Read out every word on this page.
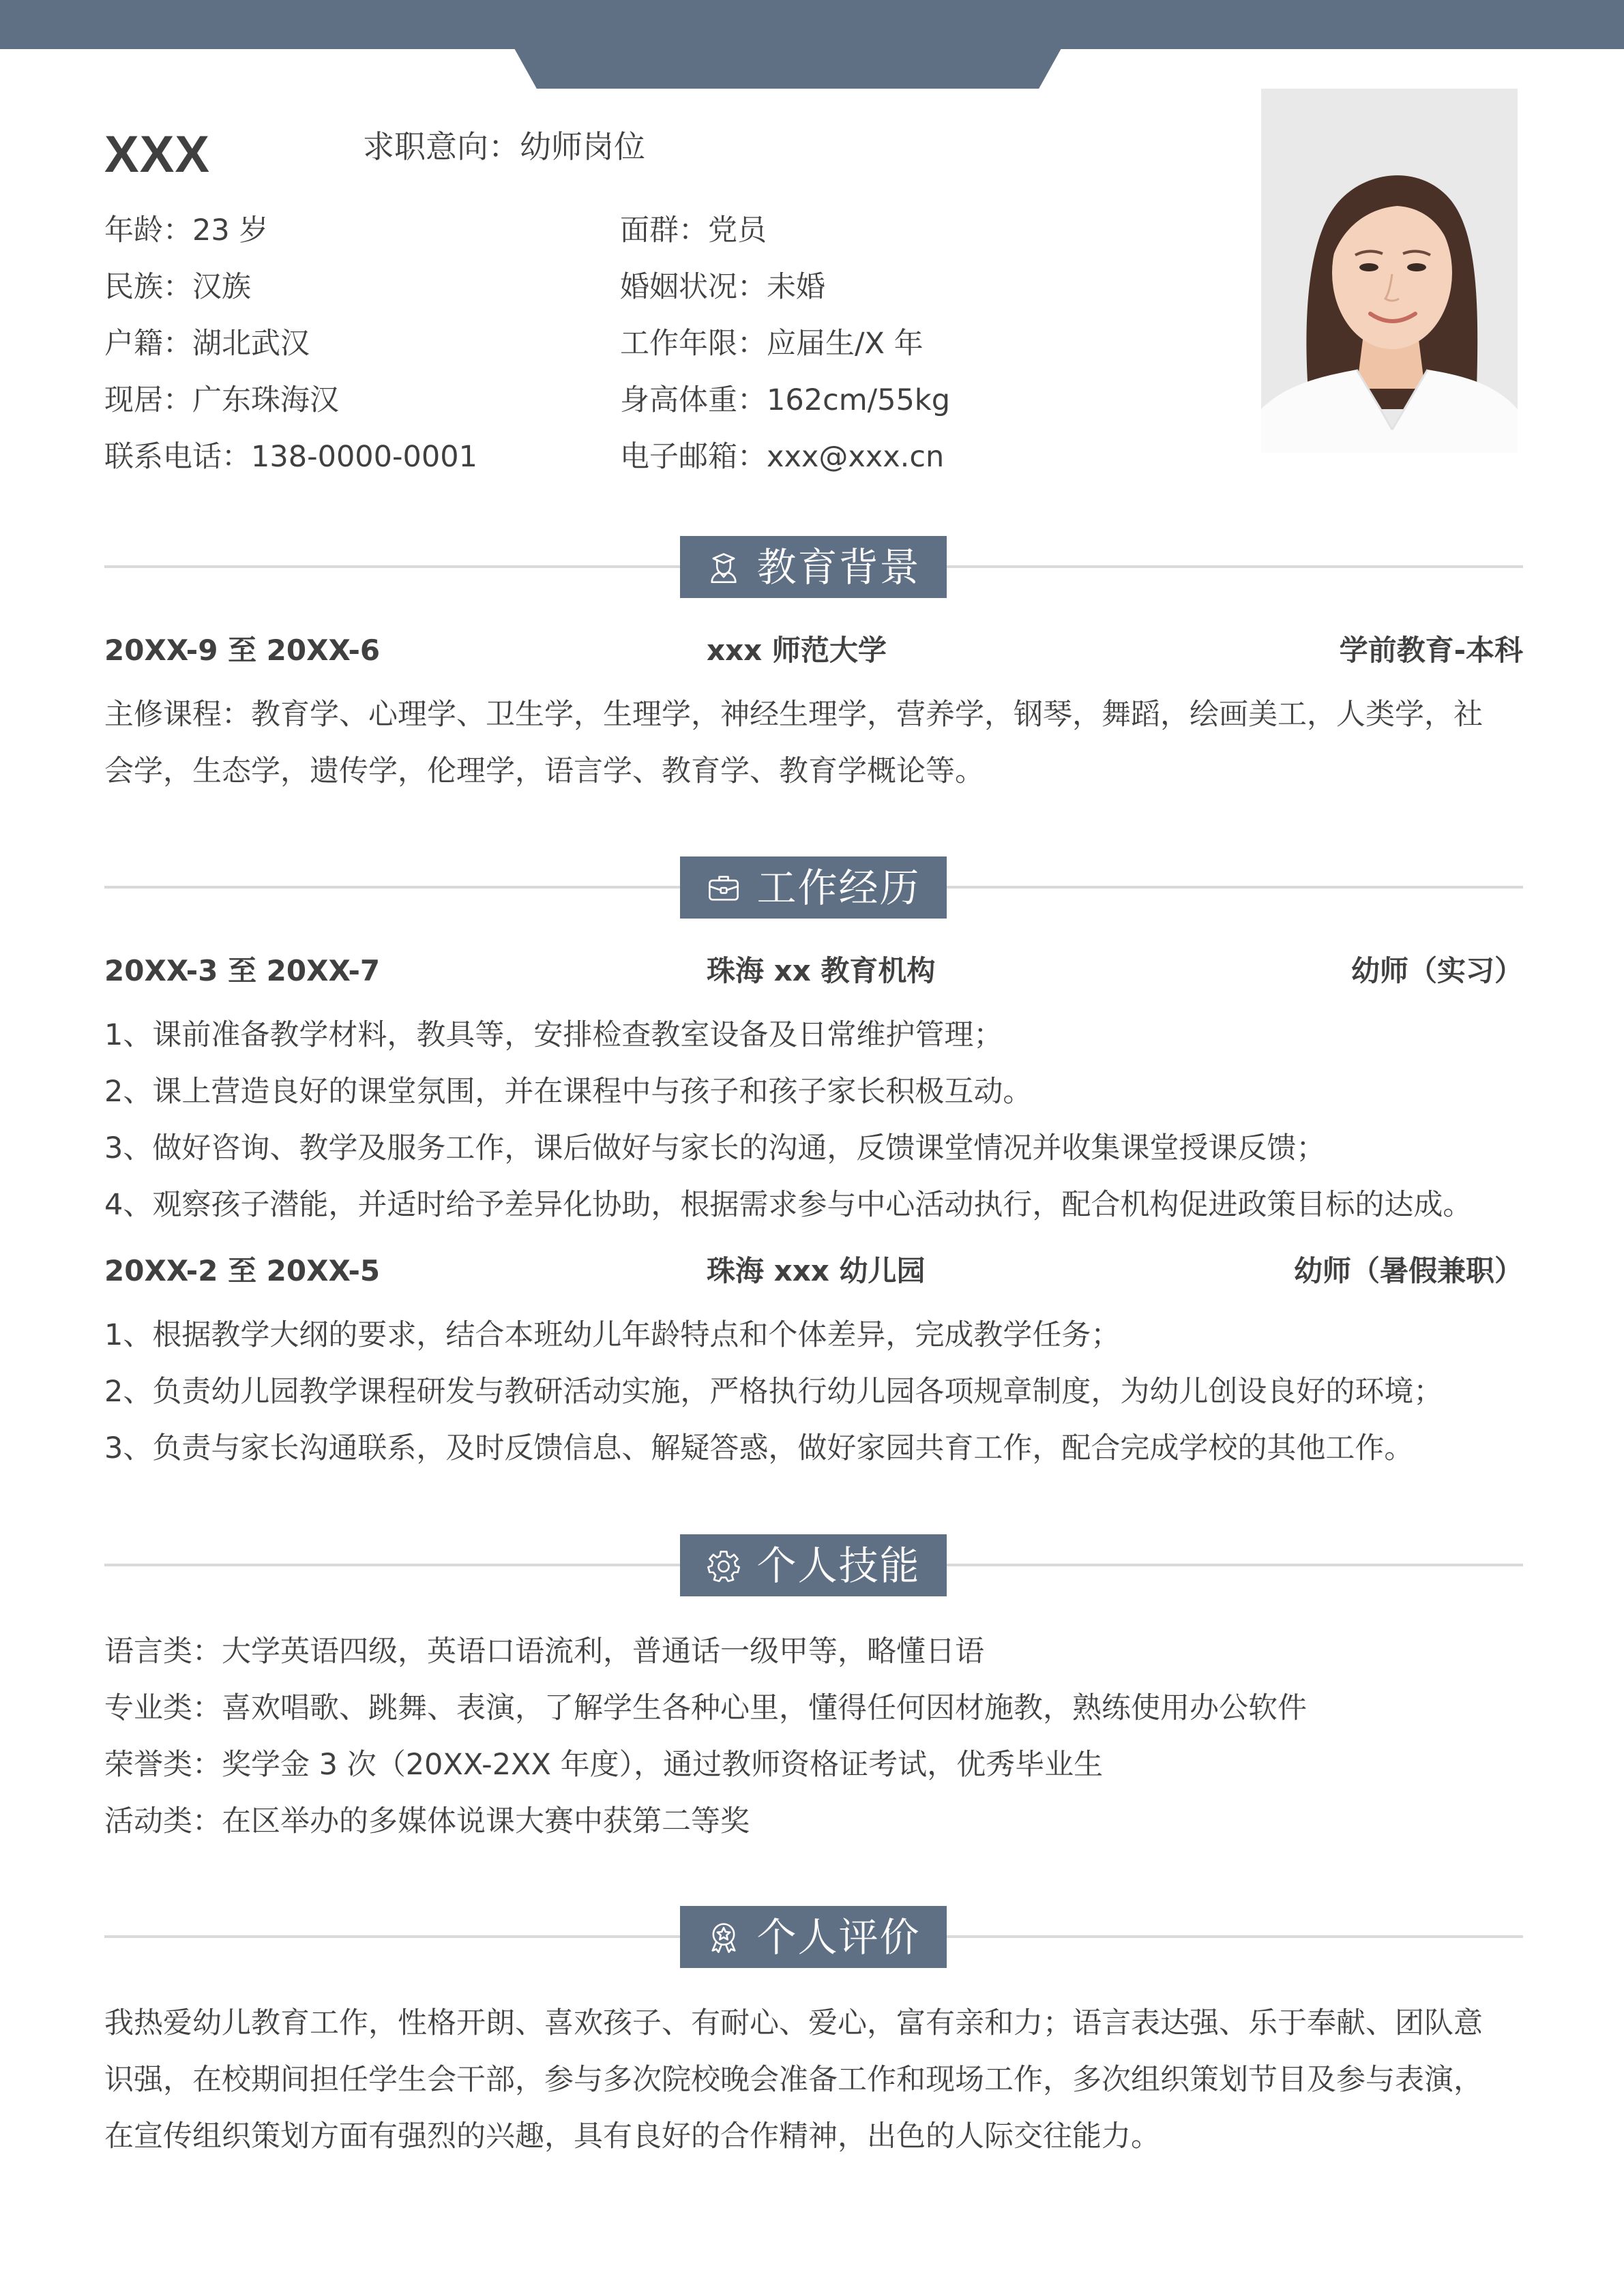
XXX	求职意向：幼师岗位
年龄：23 岁	面群：党员
民族：汉族	婚姻状况：未婚
户籍：湖北武汉	工作年限：应届生/X 年
现居：广东珠海汉	身高体重：162cm/55kg
联系电话：138-0000-0001	电子邮箱：xxx@xxx.cn
教育背景
20XX-9 至 20XX-6	xxx 师范大学	学前教育-本科
主修课程：教育学、心理学、卫生学，生理学，神经生理学，营养学，钢琴，舞蹈，绘画美工，人类学，社
会学，生态学，遗传学，伦理学，语言学、教育学、教育学概论等。
工作经历
20XX-3 至 20XX-7	珠海 xx 教育机构	幼师（实习）
1、课前准备教学材料，教具等，安排检查教室设备及日常维护管理；
2、课上营造良好的课堂氛围，并在课程中与孩子和孩子家长积极互动。
3、做好咨询、教学及服务工作，课后做好与家长的沟通，反馈课堂情况并收集课堂授课反馈；
4、观察孩子潜能，并适时给予差异化协助，根据需求参与中心活动执行，配合机构促进政策目标的达成。
20XX-2 至 20XX-5	珠海 xxx 幼儿园	幼师（暑假兼职）
1、根据教学大纲的要求，结合本班幼儿年龄特点和个体差异，完成教学任务；
2、负责幼儿园教学课程研发与教研活动实施，严格执行幼儿园各项规章制度，为幼儿创设良好的环境；
3、负责与家长沟通联系，及时反馈信息、解疑答惑，做好家园共育工作，配合完成学校的其他工作。
个人技能
语言类：大学英语四级，英语口语流利，普通话一级甲等，略懂日语
专业类：喜欢唱歌、跳舞、表演，了解学生各种心里，懂得任何因材施教，熟练使用办公软件
荣誉类：奖学金 3 次（20XX-2XX 年度），通过教师资格证考试，优秀毕业生
活动类：在区举办的多媒体说课大赛中获第二等奖
个人评价
我热爱幼儿教育工作，性格开朗、喜欢孩子、有耐心、爱心，富有亲和力；语言表达强、乐于奉献、团队意
识强，在校期间担任学生会干部，参与多次院校晚会准备工作和现场工作，多次组织策划节目及参与表演，
在宣传组织策划方面有强烈的兴趣，具有良好的合作精神，出色的人际交往能力。
